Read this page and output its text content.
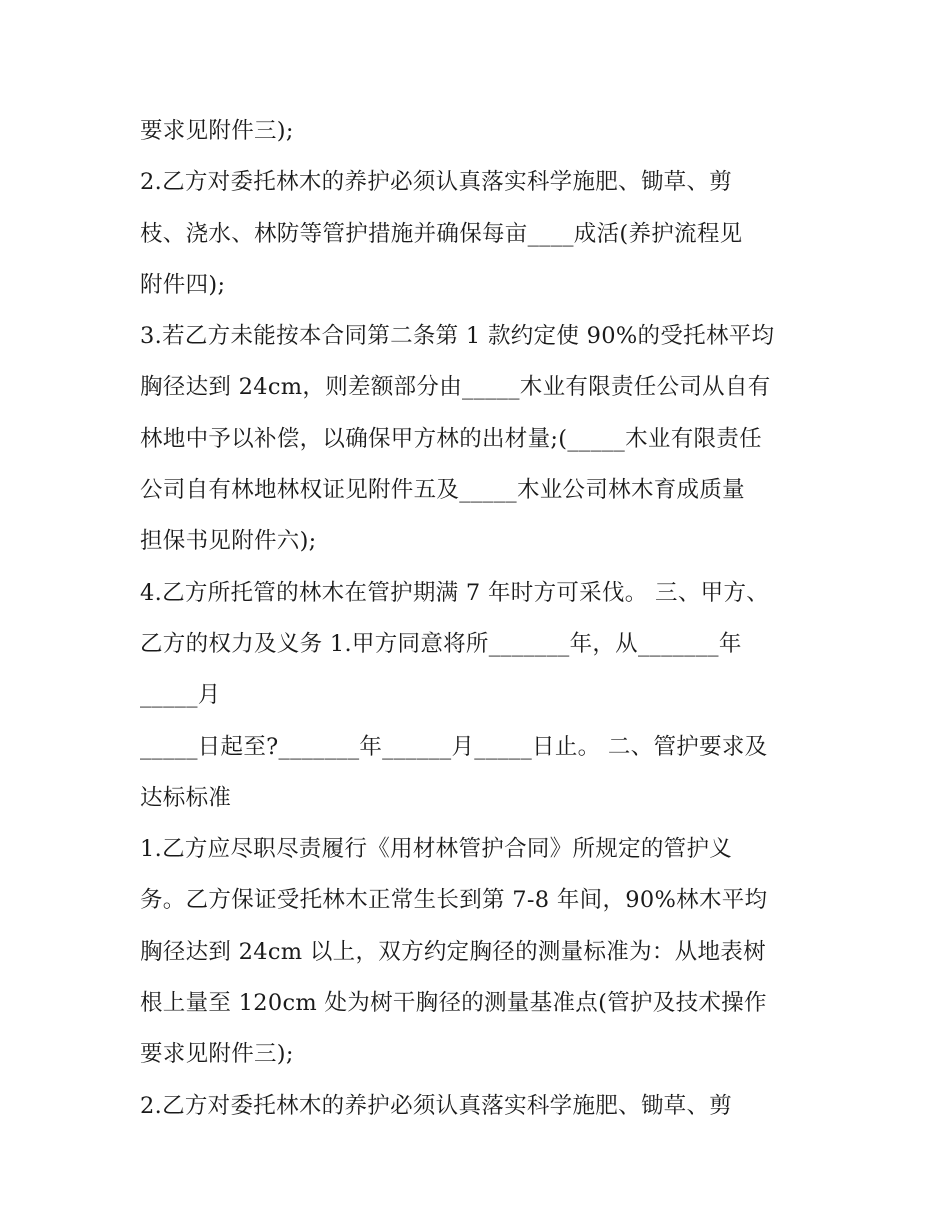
要求见附件三);
2.乙方对委托林木的养护必须认真落实科学施肥、锄草、剪
枝、浇水、林防等管护措施并确保每亩____成活(养护流程见
附件四);
3.若乙方未能按本合同第二条第 1 款约定使 90%的受托林平均
胸径达到 24cm，则差额部分由_____木业有限责任公司从自有
林地中予以补偿，以确保甲方林的出材量;(_____木业有限责任
公司自有林地林权证见附件五及_____木业公司林木育成质量
担保书见附件六);
4.乙方所托管的林木在管护期满 7 年时方可采伐。 三、甲方、
乙方的权力及义务 1.甲方同意将所_______年，从_______年
_____月
_____日起至?_______年______月_____日止。 二、管护要求及
达标标准
1.乙方应尽职尽责履行《用材林管护合同》所规定的管护义
务。乙方保证受托林木正常生长到第 7-8 年间，90%林木平均
胸径达到 24cm 以上，双方约定胸径的测量标准为：从地表树
根上量至 120cm 处为树干胸径的测量基准点(管护及技术操作
要求见附件三);
2.乙方对委托林木的养护必须认真落实科学施肥、锄草、剪
